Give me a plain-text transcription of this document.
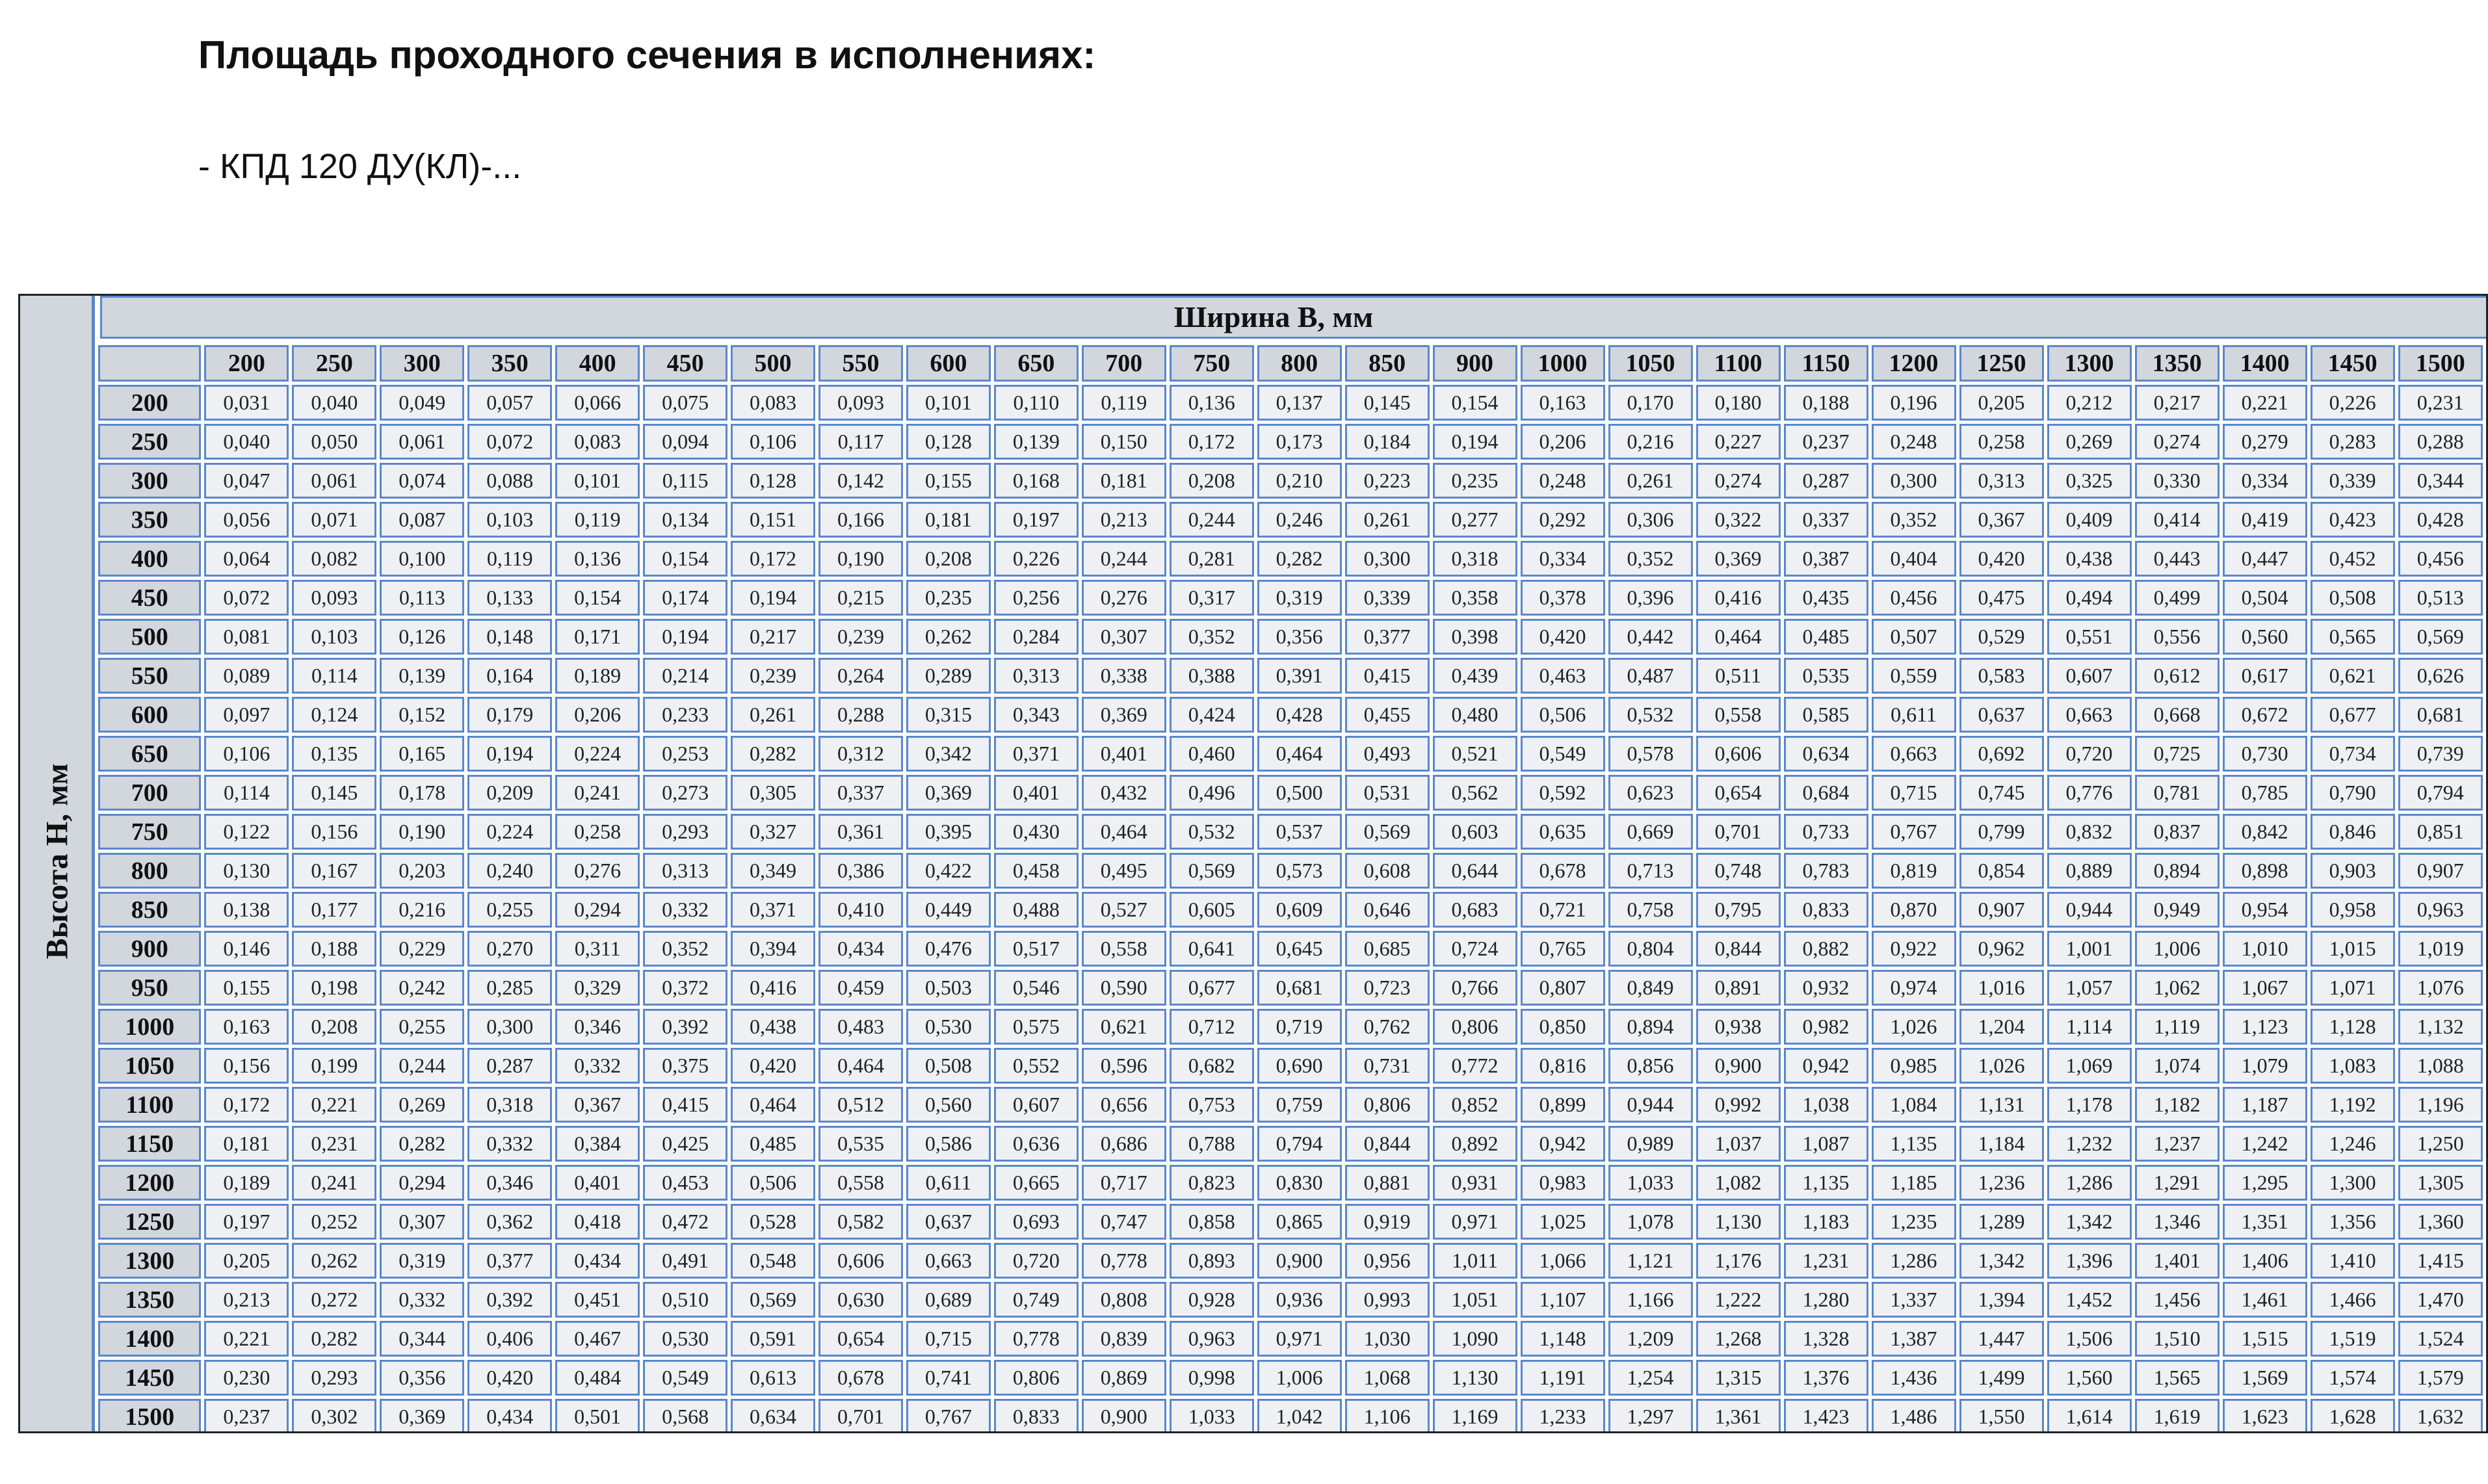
Площадь проходного сечения в исполнениях:
- КПД 120 ДУ(КЛ)-...
Высота Н, мм
Ширина В, мм
	200	250	300	350	400	450	500	550	600	650	700	750	800	850	900	1000	1050	1100	1150	1200	1250	1300	1350	1400	1450	1500
200	0,031	0,040	0,049	0,057	0,066	0,075	0,083	0,093	0,101	0,110	0,119	0,136	0,137	0,145	0,154	0,163	0,170	0,180	0,188	0,196	0,205	0,212	0,217	0,221	0,226	0,231
250	0,040	0,050	0,061	0,072	0,083	0,094	0,106	0,117	0,128	0,139	0,150	0,172	0,173	0,184	0,194	0,206	0,216	0,227	0,237	0,248	0,258	0,269	0,274	0,279	0,283	0,288
300	0,047	0,061	0,074	0,088	0,101	0,115	0,128	0,142	0,155	0,168	0,181	0,208	0,210	0,223	0,235	0,248	0,261	0,274	0,287	0,300	0,313	0,325	0,330	0,334	0,339	0,344
350	0,056	0,071	0,087	0,103	0,119	0,134	0,151	0,166	0,181	0,197	0,213	0,244	0,246	0,261	0,277	0,292	0,306	0,322	0,337	0,352	0,367	0,409	0,414	0,419	0,423	0,428
400	0,064	0,082	0,100	0,119	0,136	0,154	0,172	0,190	0,208	0,226	0,244	0,281	0,282	0,300	0,318	0,334	0,352	0,369	0,387	0,404	0,420	0,438	0,443	0,447	0,452	0,456
450	0,072	0,093	0,113	0,133	0,154	0,174	0,194	0,215	0,235	0,256	0,276	0,317	0,319	0,339	0,358	0,378	0,396	0,416	0,435	0,456	0,475	0,494	0,499	0,504	0,508	0,513
500	0,081	0,103	0,126	0,148	0,171	0,194	0,217	0,239	0,262	0,284	0,307	0,352	0,356	0,377	0,398	0,420	0,442	0,464	0,485	0,507	0,529	0,551	0,556	0,560	0,565	0,569
550	0,089	0,114	0,139	0,164	0,189	0,214	0,239	0,264	0,289	0,313	0,338	0,388	0,391	0,415	0,439	0,463	0,487	0,511	0,535	0,559	0,583	0,607	0,612	0,617	0,621	0,626
600	0,097	0,124	0,152	0,179	0,206	0,233	0,261	0,288	0,315	0,343	0,369	0,424	0,428	0,455	0,480	0,506	0,532	0,558	0,585	0,611	0,637	0,663	0,668	0,672	0,677	0,681
650	0,106	0,135	0,165	0,194	0,224	0,253	0,282	0,312	0,342	0,371	0,401	0,460	0,464	0,493	0,521	0,549	0,578	0,606	0,634	0,663	0,692	0,720	0,725	0,730	0,734	0,739
700	0,114	0,145	0,178	0,209	0,241	0,273	0,305	0,337	0,369	0,401	0,432	0,496	0,500	0,531	0,562	0,592	0,623	0,654	0,684	0,715	0,745	0,776	0,781	0,785	0,790	0,794
750	0,122	0,156	0,190	0,224	0,258	0,293	0,327	0,361	0,395	0,430	0,464	0,532	0,537	0,569	0,603	0,635	0,669	0,701	0,733	0,767	0,799	0,832	0,837	0,842	0,846	0,851
800	0,130	0,167	0,203	0,240	0,276	0,313	0,349	0,386	0,422	0,458	0,495	0,569	0,573	0,608	0,644	0,678	0,713	0,748	0,783	0,819	0,854	0,889	0,894	0,898	0,903	0,907
850	0,138	0,177	0,216	0,255	0,294	0,332	0,371	0,410	0,449	0,488	0,527	0,605	0,609	0,646	0,683	0,721	0,758	0,795	0,833	0,870	0,907	0,944	0,949	0,954	0,958	0,963
900	0,146	0,188	0,229	0,270	0,311	0,352	0,394	0,434	0,476	0,517	0,558	0,641	0,645	0,685	0,724	0,765	0,804	0,844	0,882	0,922	0,962	1,001	1,006	1,010	1,015	1,019
950	0,155	0,198	0,242	0,285	0,329	0,372	0,416	0,459	0,503	0,546	0,590	0,677	0,681	0,723	0,766	0,807	0,849	0,891	0,932	0,974	1,016	1,057	1,062	1,067	1,071	1,076
1000	0,163	0,208	0,255	0,300	0,346	0,392	0,438	0,483	0,530	0,575	0,621	0,712	0,719	0,762	0,806	0,850	0,894	0,938	0,982	1,026	1,204	1,114	1,119	1,123	1,128	1,132
1050	0,156	0,199	0,244	0,287	0,332	0,375	0,420	0,464	0,508	0,552	0,596	0,682	0,690	0,731	0,772	0,816	0,856	0,900	0,942	0,985	1,026	1,069	1,074	1,079	1,083	1,088
1100	0,172	0,221	0,269	0,318	0,367	0,415	0,464	0,512	0,560	0,607	0,656	0,753	0,759	0,806	0,852	0,899	0,944	0,992	1,038	1,084	1,131	1,178	1,182	1,187	1,192	1,196
1150	0,181	0,231	0,282	0,332	0,384	0,425	0,485	0,535	0,586	0,636	0,686	0,788	0,794	0,844	0,892	0,942	0,989	1,037	1,087	1,135	1,184	1,232	1,237	1,242	1,246	1,250
1200	0,189	0,241	0,294	0,346	0,401	0,453	0,506	0,558	0,611	0,665	0,717	0,823	0,830	0,881	0,931	0,983	1,033	1,082	1,135	1,185	1,236	1,286	1,291	1,295	1,300	1,305
1250	0,197	0,252	0,307	0,362	0,418	0,472	0,528	0,582	0,637	0,693	0,747	0,858	0,865	0,919	0,971	1,025	1,078	1,130	1,183	1,235	1,289	1,342	1,346	1,351	1,356	1,360
1300	0,205	0,262	0,319	0,377	0,434	0,491	0,548	0,606	0,663	0,720	0,778	0,893	0,900	0,956	1,011	1,066	1,121	1,176	1,231	1,286	1,342	1,396	1,401	1,406	1,410	1,415
1350	0,213	0,272	0,332	0,392	0,451	0,510	0,569	0,630	0,689	0,749	0,808	0,928	0,936	0,993	1,051	1,107	1,166	1,222	1,280	1,337	1,394	1,452	1,456	1,461	1,466	1,470
1400	0,221	0,282	0,344	0,406	0,467	0,530	0,591	0,654	0,715	0,778	0,839	0,963	0,971	1,030	1,090	1,148	1,209	1,268	1,328	1,387	1,447	1,506	1,510	1,515	1,519	1,524
1450	0,230	0,293	0,356	0,420	0,484	0,549	0,613	0,678	0,741	0,806	0,869	0,998	1,006	1,068	1,130	1,191	1,254	1,315	1,376	1,436	1,499	1,560	1,565	1,569	1,574	1,579
1500	0,237	0,302	0,369	0,434	0,501	0,568	0,634	0,701	0,767	0,833	0,900	1,033	1,042	1,106	1,169	1,233	1,297	1,361	1,423	1,486	1,550	1,614	1,619	1,623	1,628	1,632
